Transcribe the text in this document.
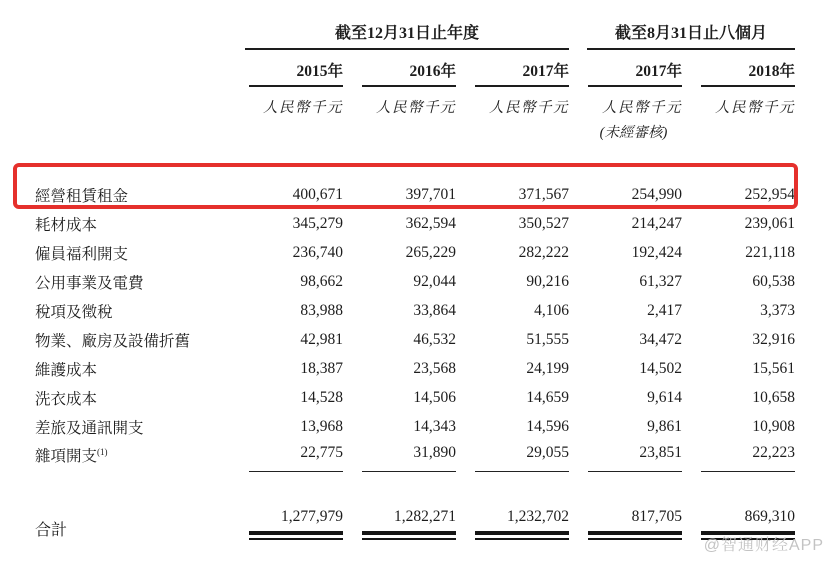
	截至12月31日止年度			截至8月31日止八個月	

	2015年	2016年	2017年	2017年	2018年

	人民幣千元	人民幣千元	人民幣千元	人民幣千元	人民幣千元

				(未經審核)	

經營租賃租金	400,671	397,701	371,567	254,990	252,954

耗材成本	345,279	362,594	350,527	214,247	239,061

僱員福利開支	236,740	265,229	282,222	192,424	221,118

公用事業及電費	98,662	92,044	90,216	61,327	60,538

稅項及徵稅	83,988	33,864	4,106	2,417	3,373

物業、廠房及設備折舊	42,981	46,532	51,555	34,472	32,916

維護成本	18,387	23,568	24,199	14,502	15,561

洗衣成本	14,528	14,506	14,659	9,614	10,658

差旅及通訊開支	13,968	14,343	14,596	9,861	10,908

雜項開支$^{(1)}$	22,775	31,890	29,055	23,851	22,223

合計	1,277,979	1,282,271	1,232,702	817,705	869,310
@智通财经APP
